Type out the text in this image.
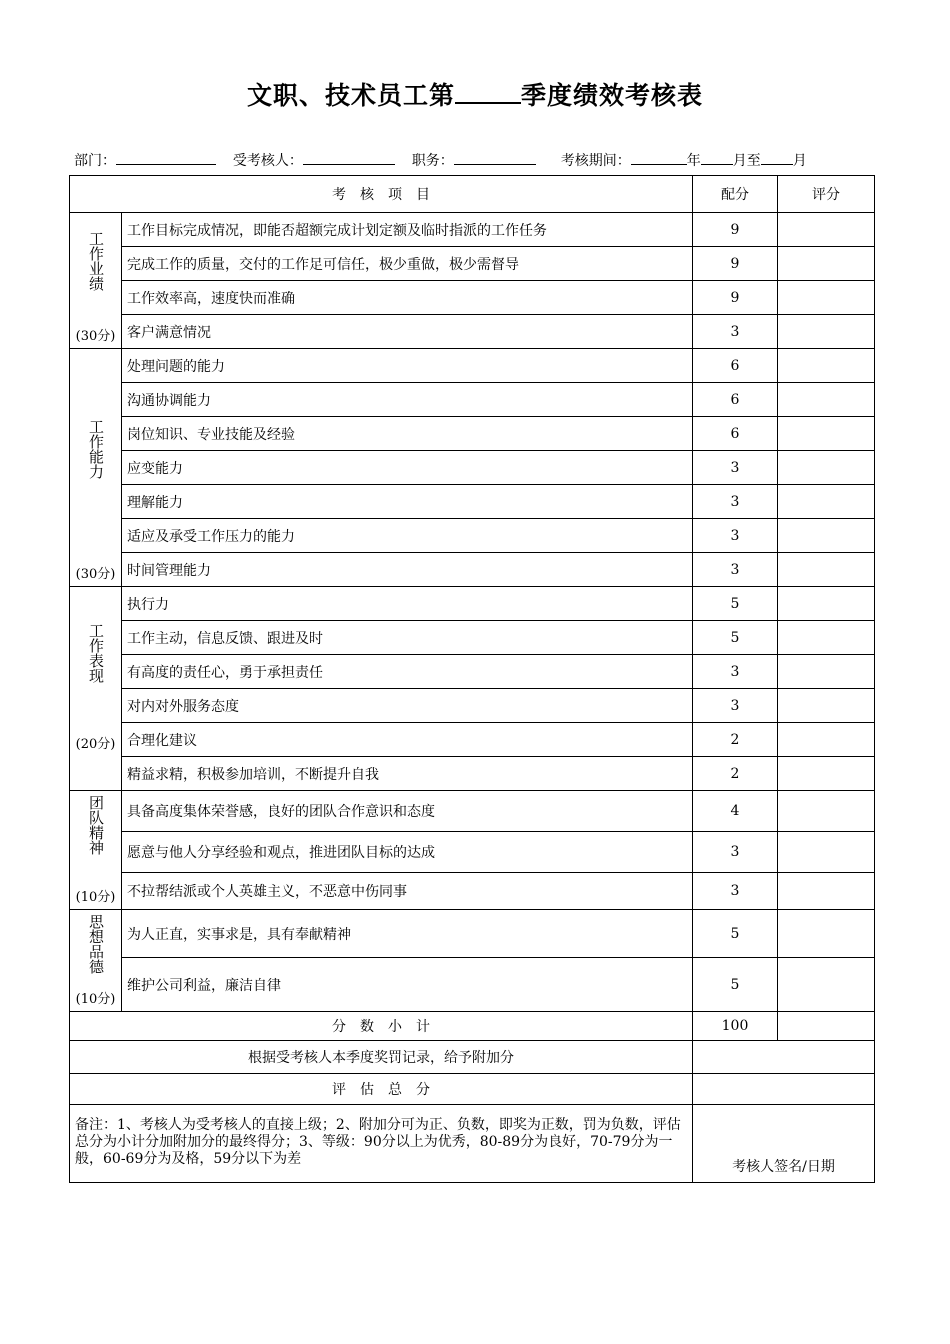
文职、技术员工第	季度绩效考核表
部门：	受考核人：	职务：	考核期间：	年 月至 月
考　核　项　目		配分	评分

工作业绩
(30分)	工作目标完成情况，即能否超额完成计划定额及临时指派的工作任务	9	
	完成工作的质量，交付的工作足可信任，极少重做，极少需督导	9	
	工作效率高，速度快而准确	9	
	客户满意情况	3	

工作能力
(30分)	处理问题的能力	6	
	沟通协调能力	6	
	岗位知识、专业技能及经验	6	
	应变能力	3	
	理解能力	3	
	适应及承受工作压力的能力	3	
	时间管理能力	3	

工作表现
(20分)	执行力	5	
	工作主动，信息反馈、跟进及时	5	
	有高度的责任心，勇于承担责任	3	
	对内对外服务态度	3	
	合理化建议	2	
	精益求精，积极参加培训，不断提升自我	2	

团队精神
(10分)	具备高度集体荣誉感，良好的团队合作意识和态度	4	
	愿意与他人分享经验和观点，推进团队目标的达成	3	
	不拉帮结派或个人英雄主义，不恶意中伤同事	3	

思想品德
(10分)	为人正直，实事求是，具有奉献精神	5	
	维护公司利益，廉洁自律	5	
分　数　小　计		100	
根据受考核人本季度奖罚记录，给予附加分			
评　估　总　分			
备注：1、考核人为受考核人的直接上级；2、附加分可为正、负数，即奖为正数，罚为负数，评估总分为小计分加附加分的最终得分；3、等级：90分以上为优秀，80-89分为良好，70-79分为一般，60-69分为及格，59分以下为差		考核人签名/日期	
